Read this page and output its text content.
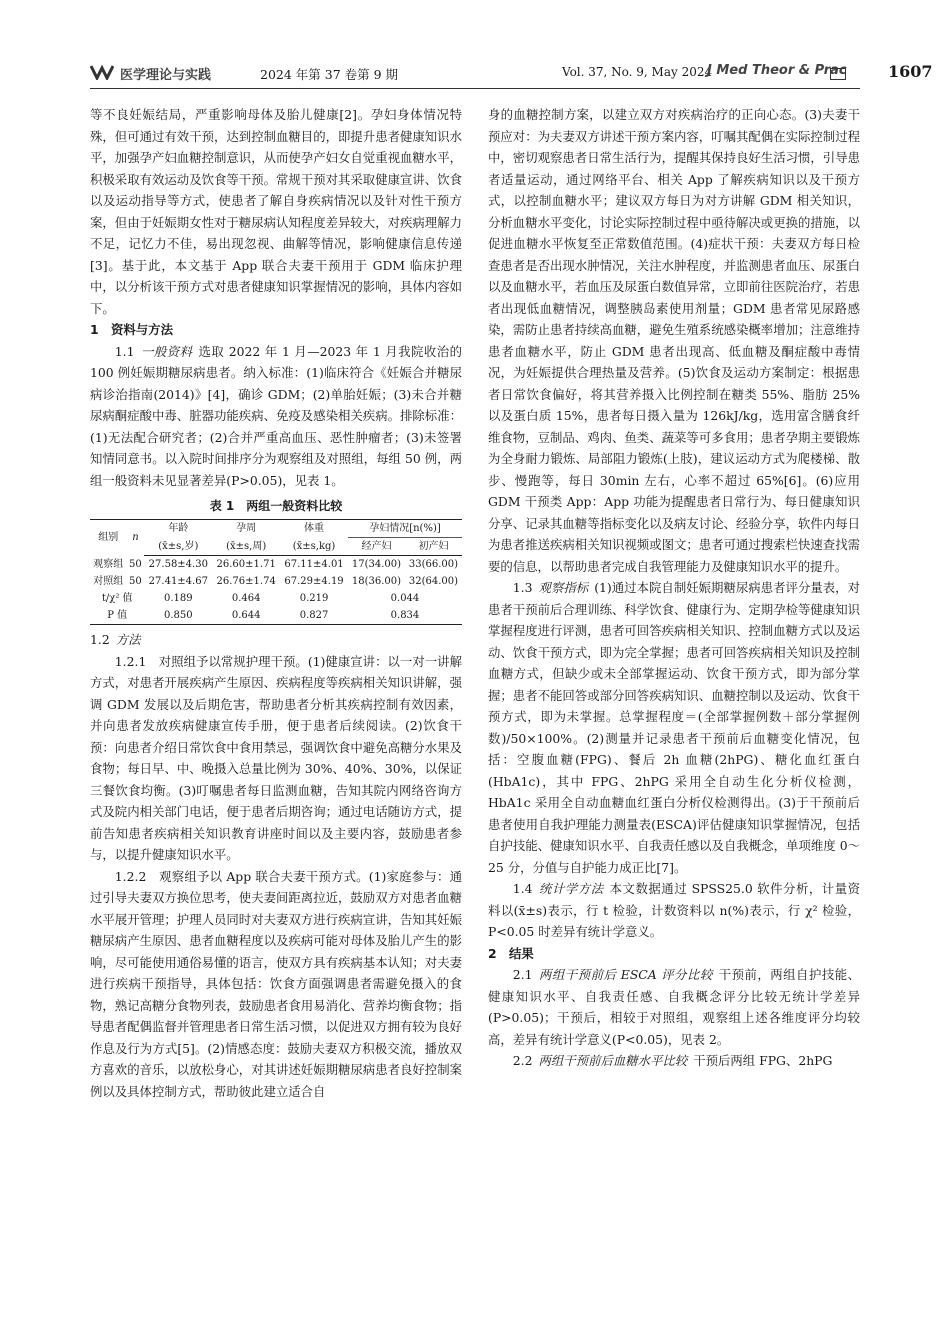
医学理论与实践	2024 年第 37 卷第 9 期	Vol. 37, No. 9, May 2024
J Med Theor & Prac	1607

等不良妊娠结局，严重影响母体及胎儿健康[2]。孕妇身体情况特殊，但可通过有效干预，达到控制血糖目的，即提升患者健康知识水平，加强孕产妇血糖控制意识，从而使孕产妇女自觉重视血糖水平，积极采取有效运动及饮食等干预。常规干预对其采取健康宣讲、饮食以及运动指导等方式，使患者了解自身疾病情况以及针对性干预方案，但由于妊娠期女性对于糖尿病认知程度差异较大，对疾病理解力不足，记忆力不佳，易出现忽视、曲解等情况，影响健康信息传递[3]。基于此，本文基于 App 联合夫妻干预用于 GDM 临床护理中，以分析该干预方式对患者健康知识掌握情况的影响，具体内容如下。

1　资料与方法

1.1 一般资料 选取 2022 年 1 月—2023 年 1 月我院收治的 100 例妊娠期糖尿病患者。纳入标准：(1)临床符合《妊娠合并糖尿病诊治指南(2014)》[4]，确诊 GDM；(2)单胎妊娠；(3)未合并糖尿病酮症酸中毒、脏器功能疾病、免疫及感染相关疾病。排除标准：(1)无法配合研究者；(2)合并严重高血压、恶性肿瘤者；(3)未签署知情同意书。以入院时间排序分为观察组及对照组，每组 50 例，两组一般资料未见显著差异(P>0.05)，见表 1。

表 1　两组一般资料比较
组别	n	年龄	孕周	体重	孕妇情况[n(%)]	
		(x̄±s,岁)	(x̄±s,周)	(x̄±s,kg)	经产妇	初产妇
观察组	50	27.58±4.30	26.60±1.71	67.11±4.01	17(34.00)	33(66.00)
对照组	50	27.41±4.67	26.76±1.74	67.29±4.19	18(36.00)	32(64.00)
t/χ² 值		0.189	0.464	0.219	0.044	
P 值		0.850	0.644	0.827	0.834	

1.2 方法

1.2.1　对照组予以常规护理干预。(1)健康宣讲：以一对一讲解方式，对患者开展疾病产生原因、疾病程度等疾病相关知识讲解，强调 GDM 发展以及后期危害，帮助患者分析其疾病控制有效因素，并向患者发放疾病健康宣传手册，便于患者后续阅读。(2)饮食干预：向患者介绍日常饮食中食用禁忌，强调饮食中避免高糖分水果及食物；每日早、中、晚摄入总量比例为 30%、40%、30%，以保证三餐饮食均衡。(3)叮嘱患者每日监测血糖，告知其院内网络咨询方式及院内相关部门电话，便于患者后期咨询；通过电话随访方式，提前告知患者疾病相关知识教育讲座时间以及主要内容，鼓励患者参与，以提升健康知识水平。

1.2.2　观察组予以 App 联合夫妻干预方式。(1)家庭参与：通过引导夫妻双方换位思考，使夫妻间距离拉近，鼓励双方对患者血糖水平展开管理；护理人员同时对夫妻双方进行疾病宣讲，告知其妊娠糖尿病产生原因、患者血糖程度以及疾病可能对母体及胎儿产生的影响，尽可能使用通俗易懂的语言，使双方具有疾病基本认知；对夫妻进行疾病干预指导，具体包括：饮食方面强调患者需避免摄入的食物，熟记高糖分食物列表，鼓励患者食用易消化、营养均衡食物；指导患者配偶监督并管理患者日常生活习惯，以促进双方拥有较为良好作息及行为方式[5]。(2)情感态度：鼓励夫妻双方积极交流，播放双方喜欢的音乐，以放松身心，对其讲述妊娠期糖尿病患者良好控制案例以及具体控制方式，帮助彼此建立适合自

身的血糖控制方案，以建立双方对疾病治疗的正向心态。(3)夫妻干预应对：为夫妻双方讲述干预方案内容，叮嘱其配偶在实际控制过程中，密切观察患者日常生活行为，提醒其保持良好生活习惯，引导患者适量运动，通过网络平台、相关 App 了解疾病知识以及干预方式，以控制血糖水平；建议双方每日为对方讲解 GDM 相关知识，分析血糖水平变化，讨论实际控制过程中亟待解决或更换的措施，以促进血糖水平恢复至正常数值范围。(4)症状干预：夫妻双方每日检查患者是否出现水肿情况，关注水肿程度，并监测患者血压、尿蛋白以及血糖水平，若血压及尿蛋白数值异常，立即前往医院治疗，若患者出现低血糖情况，调整胰岛素使用剂量；GDM 患者常见尿路感染，需防止患者持续高血糖，避免生殖系统感染概率增加；注意维持患者血糖水平，防止 GDM 患者出现高、低血糖及酮症酸中毒情况，为妊娠提供合理热量及营养。(5)饮食及运动方案制定：根据患者日常饮食偏好，将其营养摄入比例控制在糖类 55%、脂肪 25% 以及蛋白质 15%，患者每日摄入量为 126kJ/kg，选用富含膳食纤维食物，豆制品、鸡肉、鱼类、蔬菜等可多食用；患者孕期主要锻炼为全身耐力锻炼、局部阻力锻炼(上肢)，建议运动方式为爬楼梯、散步、慢跑等，每日 30min 左右，心率不超过 65%[6]。(6)应用 GDM 干预类 App：App 功能为提醒患者日常行为、每日健康知识分享、记录其血糖等指标变化以及病友讨论、经验分享，软件内每日为患者推送疾病相关知识视频或图文；患者可通过搜索栏快速查找需要的信息，以帮助患者完成自我管理能力及健康知识水平的提升。

1.3 观察指标 (1)通过本院自制妊娠期糖尿病患者评分量表，对患者干预前后合理训练、科学饮食、健康行为、定期孕检等健康知识掌握程度进行评测，患者可回答疾病相关知识、控制血糖方式以及运动、饮食干预方式，即为完全掌握；患者可回答疾病相关知识及控制血糖方式，但缺少或未全部掌握运动、饮食干预方式，即为部分掌握；患者不能回答或部分回答疾病知识、血糖控制以及运动、饮食干预方式，即为未掌握。总掌握程度＝(全部掌握例数＋部分掌握例数)/50×100%。(2)测量并记录患者干预前后血糖变化情况，包括：空腹血糖(FPG)、餐后 2h 血糖(2hPG)、糖化血红蛋白(HbA1c)，其中 FPG、2hPG 采用全自动生化分析仪检测，HbA1c 采用全自动血糖血红蛋白分析仪检测得出。(3)于干预前后患者使用自我护理能力测量表(ESCA)评估健康知识掌握情况，包括自护技能、健康知识水平、自我责任感以及自我概念，单项维度 0～25 分，分值与自护能力成正比[7]。

1.4 统计学方法 本文数据通过 SPSS25.0 软件分析，计量资料以(x̄±s)表示，行 t 检验，计数资料以 n(%)表示，行 χ² 检验，P<0.05 时差异有统计学意义。

2　结果

2.1 两组干预前后 ESCA 评分比较 干预前，两组自护技能、健康知识水平、自我责任感、自我概念评分比较无统计学差异(P>0.05)；干预后，相较于对照组，观察组上述各维度评分均较高，差异有统计学意义(P<0.05)，见表 2。

2.2 两组干预前后血糖水平比较 干预后两组 FPG、2hPG
